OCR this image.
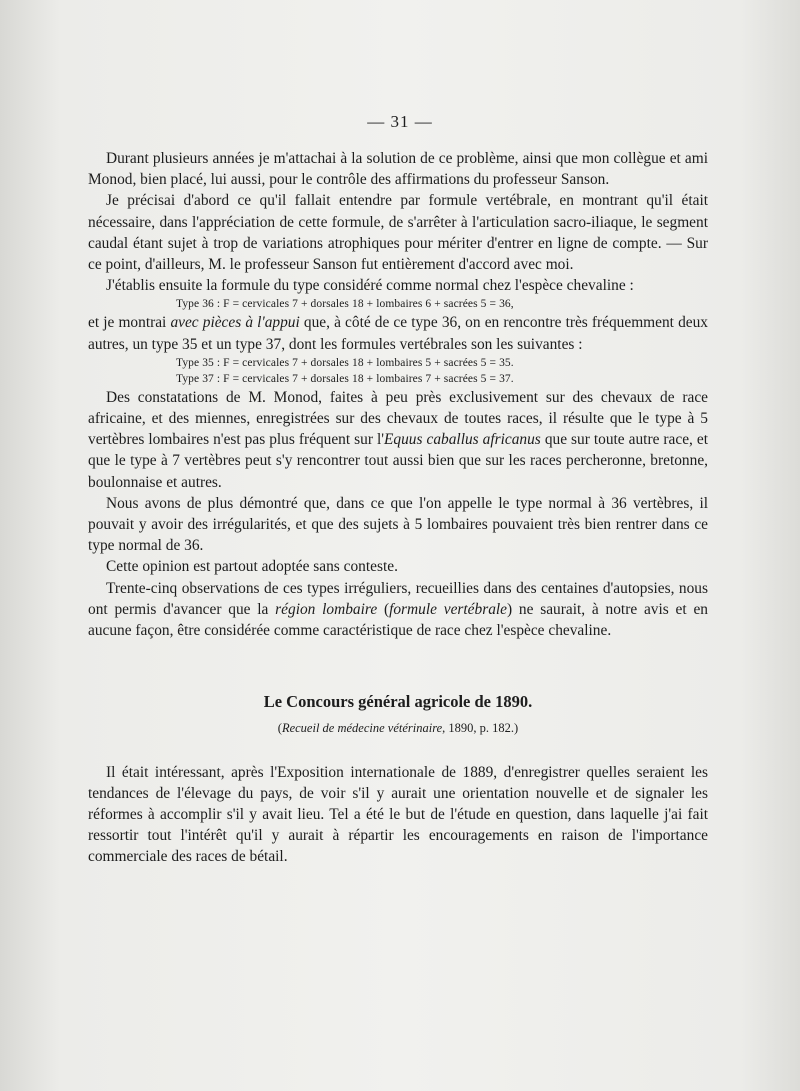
— 31 —

Durant plusieurs années je m'attachai à la solution de ce problème, ainsi que mon collègue et ami Monod, bien placé, lui aussi, pour le contrôle des affirmations du professeur Sanson.

Je précisai d'abord ce qu'il fallait entendre par formule vertébrale, en montrant qu'il était nécessaire, dans l'appréciation de cette formule, de s'arrêter à l'articulation sacro-iliaque, le segment caudal étant sujet à trop de variations atrophiques pour mériter d'entrer en ligne de compte. — Sur ce point, d'ailleurs, M. le professeur Sanson fut entièrement d'accord avec moi.

J'établis ensuite la formule du type considéré comme normal chez l'espèce chevaline :

Type 36 : F = cervicales 7 + dorsales 18 + lombaires 6 + sacrées 5 = 36,

et je montrai avec pièces à l'appui que, à côté de ce type 36, on en rencontre très fréquemment deux autres, un type 35 et un type 37, dont les formules vertébrales son les suivantes :

Type 35 : F = cervicales 7 + dorsales 18 + lombaires 5 + sacrées 5 = 35.

Type 37 : F = cervicales 7 + dorsales 18 + lombaires 7 + sacrées 5 = 37.

Des constatations de M. Monod, faites à peu près exclusivement sur des chevaux de race africaine, et des miennes, enregistrées sur des chevaux de toutes races, il résulte que le type à 5 vertèbres lombaires n'est pas plus fréquent sur l'Equus caballus africanus que sur toute autre race, et que le type à 7 vertèbres peut s'y rencontrer tout aussi bien que sur les races percheronne, bretonne, boulonnaise et autres.

Nous avons de plus démontré que, dans ce que l'on appelle le type normal à 36 vertèbres, il pouvait y avoir des irrégularités, et que des sujets à 5 lombaires pouvaient très bien rentrer dans ce type normal de 36.

Cette opinion est partout adoptée sans conteste.

Trente-cinq observations de ces types irréguliers, recueillies dans des centaines d'autopsies, nous ont permis d'avancer que la région lombaire (formule vertébrale) ne saurait, à notre avis et en aucune façon, être considérée comme caractéristique de race chez l'espèce chevaline.

Le Concours général agricole de 1890.
(Recueil de médecine vétérinaire, 1890, p. 182.)

Il était intéressant, après l'Exposition internationale de 1889, d'enregistrer quelles seraient les tendances de l'élevage du pays, de voir s'il y aurait une orientation nouvelle et de signaler les réformes à accomplir s'il y avait lieu. Tel a été le but de l'étude en question, dans laquelle j'ai fait ressortir tout l'intérêt qu'il y aurait à répartir les encouragements en raison de l'importance commerciale des races de bétail.
